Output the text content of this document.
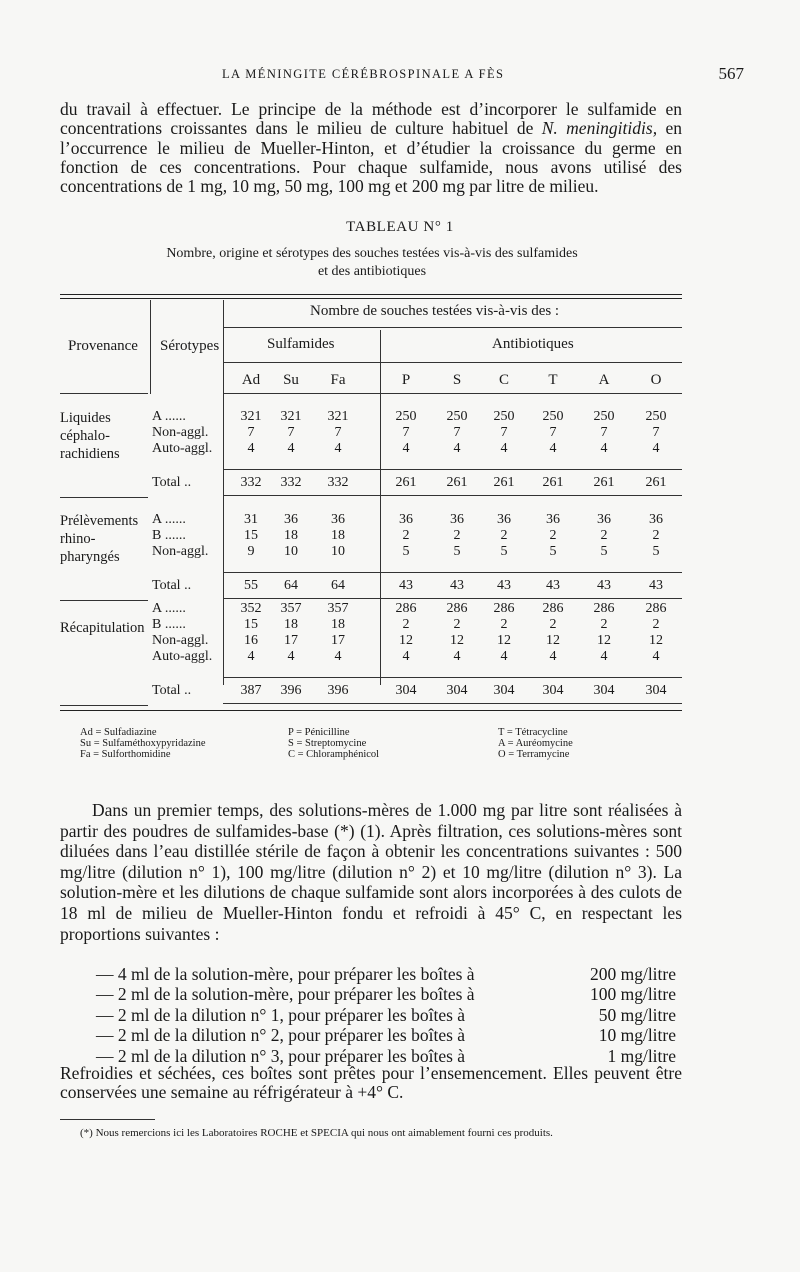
LA MÉNINGITE CÉRÉBROSPINALE A FÈS	567

du travail à effectuer. Le principe de la méthode est d’incorporer le sulfamide en concentrations croissantes dans le milieu de culture habituel de N. meningitidis, en l’occurrence le milieu de Mueller-Hinton, et d’étudier la croissance du germe en fonction de ces concentrations. Pour chaque sulfamide, nous avons utilisé des concentrations de 1 mg, 10 mg, 50 mg, 100 mg et 200 mg par litre de milieu.

TABLEAU N° 1
Nombre, origine et sérotypes des souches testées vis-à-vis des sulfamides
et des antibiotiques
Nombre de souches testées vis-à-vis des :
Provenance Sérotypes	Sulfamides	Antibiotiques
Ad	Su	Fa	P	S	C	T	A	O
Liquides
céphalo-
rachidiens
A ......	321	321	321	250	250	250	250	250	250
Non-aggl.	7	7	7	7	7	7	7	7	7
Auto-aggl.	4	4	4	4	4	4	4	4	4
Total ..	332	332	332	261	261	261	261	261	261
Prélèvements
rhino-
pharyngés
A ......	31	36	36	36	36	36	36	36	36
B ......	15	18	18	2	2	2	2	2	2
Non-aggl.	9	10	10	5	5	5	5	5	5
Total ..	55	64	64	43	43	43	43	43	43
Récapitulation
A ......	352	357	357	286	286	286	286	286	286
B ......	15	18	18	2	2	2	2	2	2
Non-aggl.	16	17	17	12	12	12	12	12	12
Auto-aggl.	4	4	4	4	4	4	4	4	4
Total ..	387	396	396	304	304	304	304	304	304
Ad = Sulfadiazine
Su = Sulfaméthoxypyridazine
Fa = Sulforthomidine
P = Pénicilline
S = Streptomycine
C = Chloramphénicol
T = Tétracycline
A = Auréomycine
O = Terramycine

Dans un premier temps, des solutions-mères de 1.000 mg par litre sont réalisées à partir des poudres de sulfamides-base (*) (1). Après filtration, ces solutions-mères sont diluées dans l’eau distillée stérile de façon à obtenir les concentrations suivantes : 500 mg/litre (dilution n° 1), 100 mg/litre (dilution n° 2) et 10 mg/litre (dilution n° 3). La solution-mère et les dilutions de chaque sulfamide sont alors incorporées à des culots de 18 ml de milieu de Mueller-Hinton fondu et refroidi à 45° C, en respectant les proportions suivantes :

— 4 ml de la solution-mère, pour préparer les boîtes à	200 mg/litre
— 2 ml de la solution-mère, pour préparer les boîtes à	100 mg/litre
— 2 ml de la dilution n° 1, pour préparer les boîtes à	50 mg/litre
— 2 ml de la dilution n° 2, pour préparer les boîtes à	10 mg/litre
— 2 ml de la dilution n° 3, pour préparer les boîtes à	1 mg/litre

Refroidies et séchées, ces boîtes sont prêtes pour l’ensemencement. Elles peuvent être conservées une semaine au réfrigérateur à +4° C.

(*) Nous remercions ici les Laboratoires ROCHE et SPECIA qui nous ont aimablement fourni ces produits.
